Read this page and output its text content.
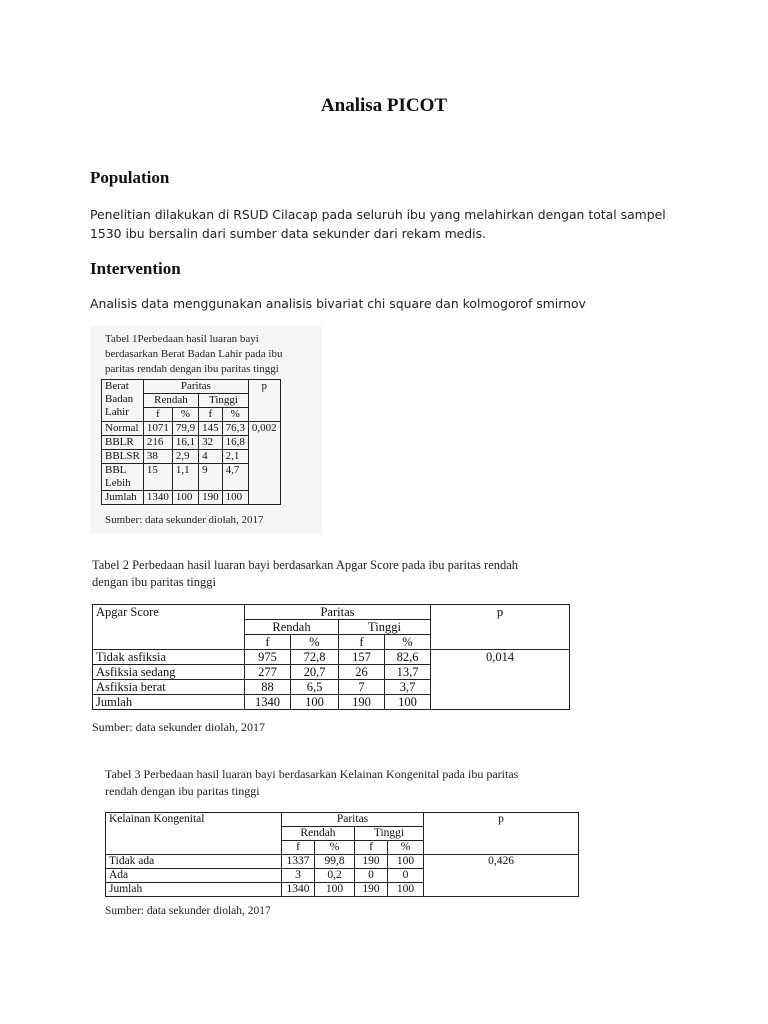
Analisa PICOT
Population
Penelitian dilakukan di RSUD Cilacap pada seluruh ibu yang melahirkan dengan total sampel 1530 ibu bersalin dari sumber data sekunder dari rekam medis.
Intervention
Analisis data menggunakan analisis bivariat chi square dan kolmogorof smirnov
Tabel 1Perbedaan hasil luaran bayi
berdasarkan Berat Badan Lahir pada ibu
paritas rendah dengan ibu paritas tinggi
Berat
Badan
Lahir	Paritas				p
	Rendah		Tinggi		
	f	%	f	%	
Normal	1071	79,9	145	76,3	0,002
BBLR	216	16,1	32	16,8	
BBLSR	38	2,9	4	2,1	

BBL
Lebih	15	1,1	9	4,7	
Jumlah	1340	100	190	100	
Sumber: data sekunder diolah, 2017
Tabel 2 Perbedaan hasil luaran bayi berdasarkan Apgar Score pada ibu paritas rendah
dengan ibu paritas tinggi
Apgar Score	Paritas				p
	Rendah		Tinggi		
	f	%	f	%	
Tidak asfiksia	975	72,8	157	82,6	0,014
Asfiksia sedang	277	20,7	26	13,7	
Asfiksia berat	88	6,5	7	3,7	
Jumlah	1340	100	190	100	
Sumber: data sekunder diolah, 2017
Tabel 3 Perbedaan hasil luaran bayi berdasarkan Kelainan Kongenital pada ibu paritas
rendah dengan ibu paritas tinggi
Kelainan Kongenital	Paritas				p
	Rendah		Tinggi		
	f	%	f	%	
Tidak ada	1337	99,8	190	100	0,426
Ada	3	0,2	0	0	
Jumlah	1340	100	190	100	
Sumber: data sekunder diolah, 2017
